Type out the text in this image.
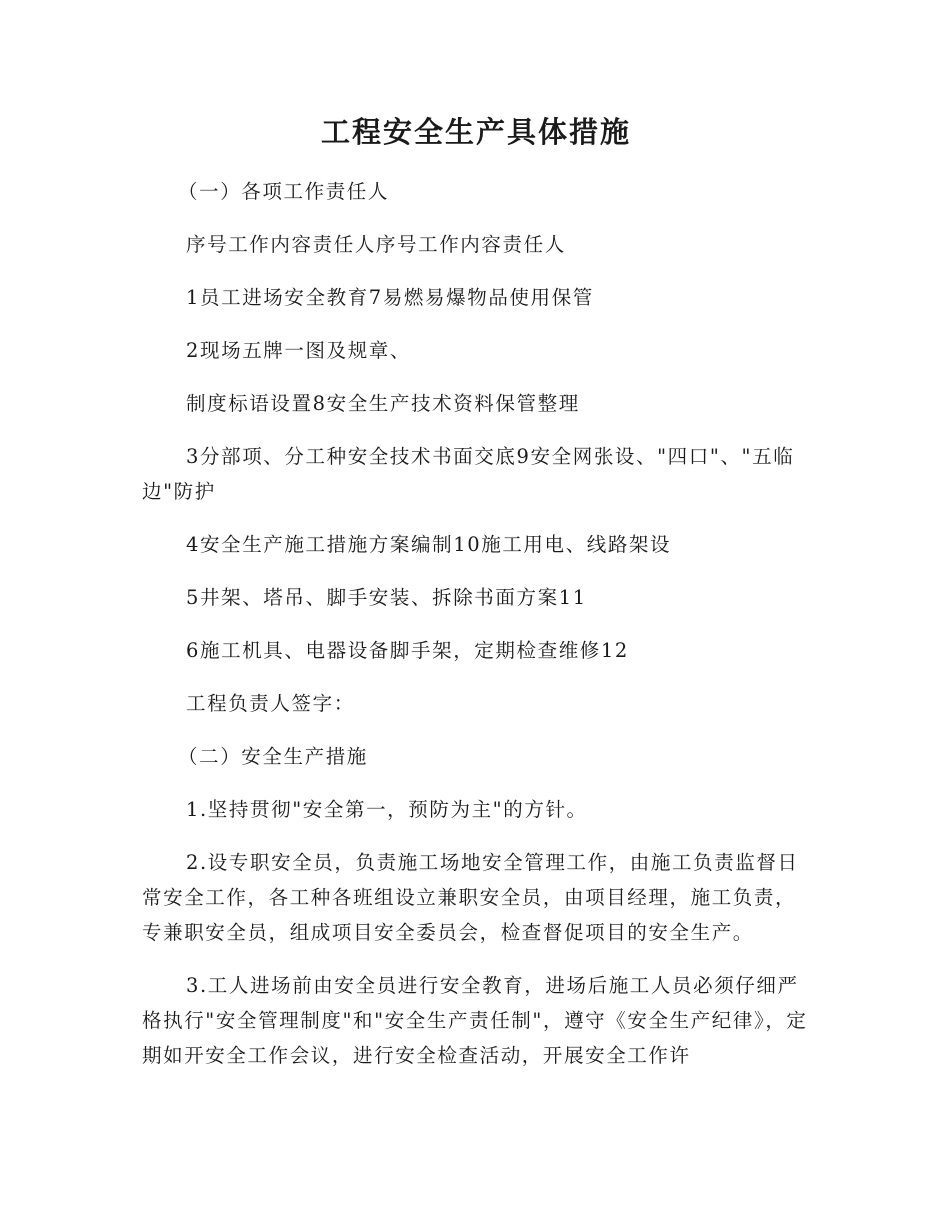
工程安全生产具体措施

（一）各项工作责任人

序号工作内容责任人序号工作内容责任人

1员工进场安全教育7易燃易爆物品使用保管

2现场五牌一图及规章、

制度标语设置8安全生产技术资料保管整理

3分部项、分工种安全技术书面交底9安全网张设、"四口"、"五临边"防护

4安全生产施工措施方案编制10施工用电、线路架设

5井架、塔吊、脚手安装、拆除书面方案11

6施工机具、电器设备脚手架，定期检查维修12

工程负责人签字：

（二）安全生产措施

1.坚持贯彻"安全第一，预防为主"的方针。

2.设专职安全员，负责施工场地安全管理工作，由施工负责监督日常安全工作，各工种各班组设立兼职安全员，由项目经理，施工负责，专兼职安全员，组成项目安全委员会，检查督促项目的安全生产。

3.工人进场前由安全员进行安全教育，进场后施工人员必须仔细严格执行"安全管理制度"和"安全生产责任制"，遵守《安全生产纪律》，定期如开安全工作会议，进行安全检查活动，开展安全工作许
